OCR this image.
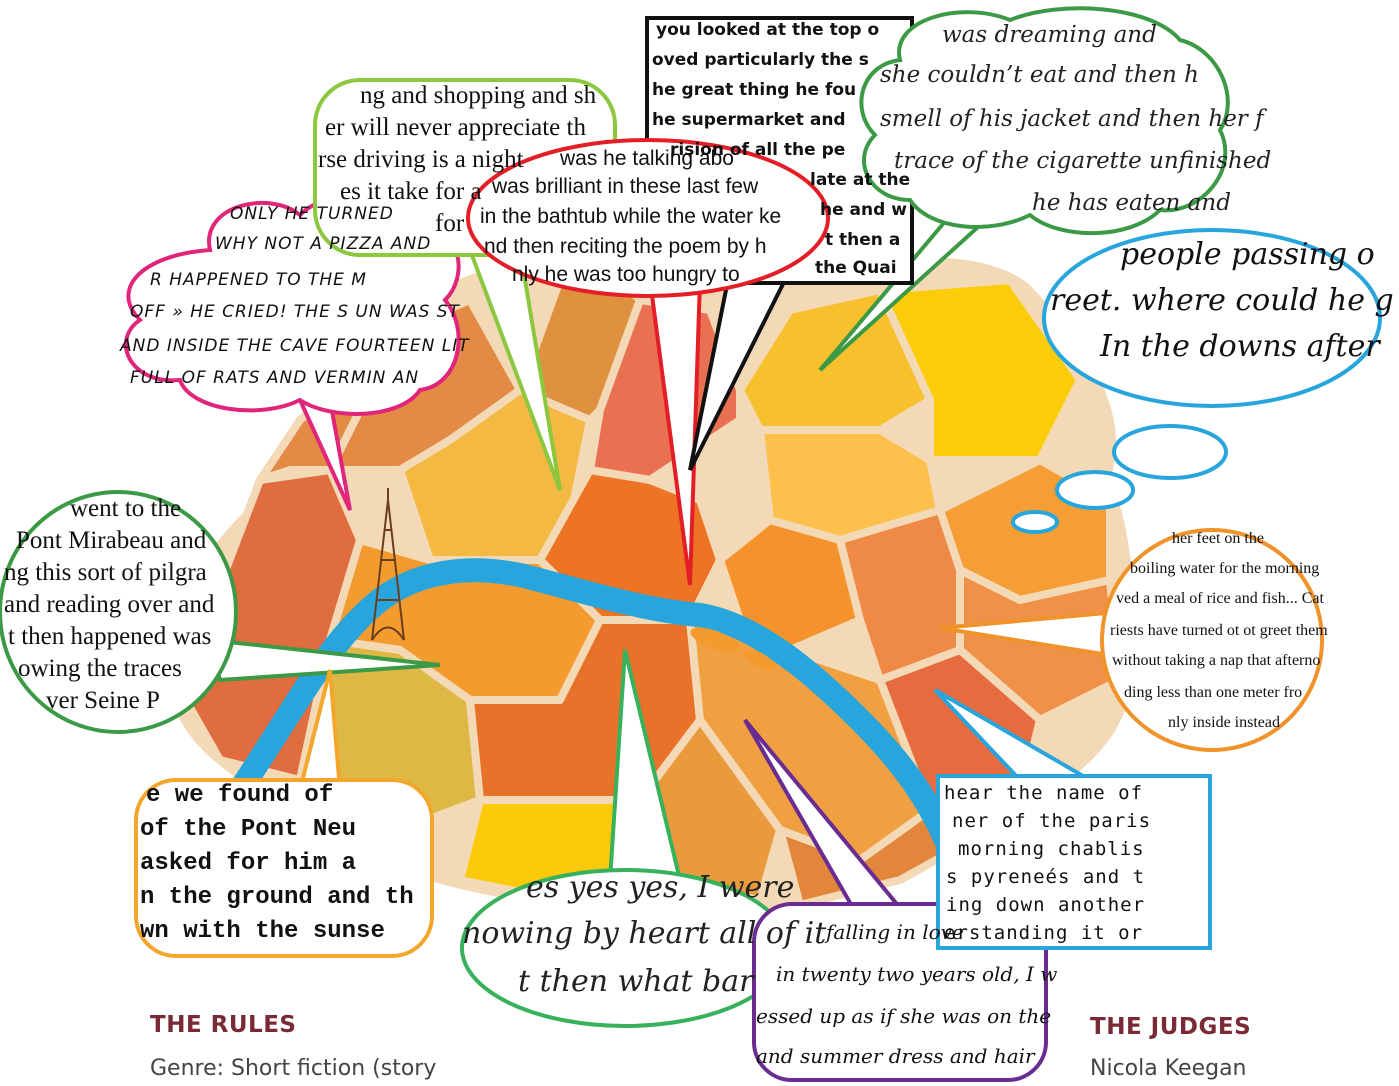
ONLY HE TURNED
WHY NOT A PIZZA AND
R HAPPENED TO THE M
OFF » HE CRIED! THE S UN WAS ST
AND INSIDE THE CAVE FOURTEEN LIT
FULL OF RATS AND VERMIN AN
ng and shopping and sh
er will never appreciate th
rse driving is a night
es it take for a
for
you looked at the top o
oved particularly the s
he great thing he fou
he supermarket and
rision of all the pe
late at the
he and w
t then a
the Quai
was he talking abo
was brilliant in these last few
in the bathtub while the water ke
nd then reciting the poem by h
nly he was too hungry to
was dreaming and
she couldn’t eat and then h
smell of his jacket and then her f
trace of the cigarette unfinished
he has eaten and
people passing o
reet. where could he g
In the downs after
went to the
Pont Mirabeau and
ng this sort of pilgra
and reading over and
t then happened was
owing the traces
ver Seine P
her feet on the
boiling water for the morning
ved a meal of rice and fish... Cat
riests have turned ot ot greet them
without taking a nap that afterno
ding less than one meter fro
nly inside instead
e we found of
of the Pont Neu
asked for him a
n the ground and th
wn with the sunse
es yes yes, I were
nowing by heart all of it
t then what bar
falling in love
in twenty two years old, I w
essed up as if she was on the
and summer dress and hair
hear the name of
ner of the paris
morning chablis
s pyreneés and t
ing down another
erstanding it or
THE RULES
Genre: Short fiction (story
THE JUDGES
Nicola Keegan
